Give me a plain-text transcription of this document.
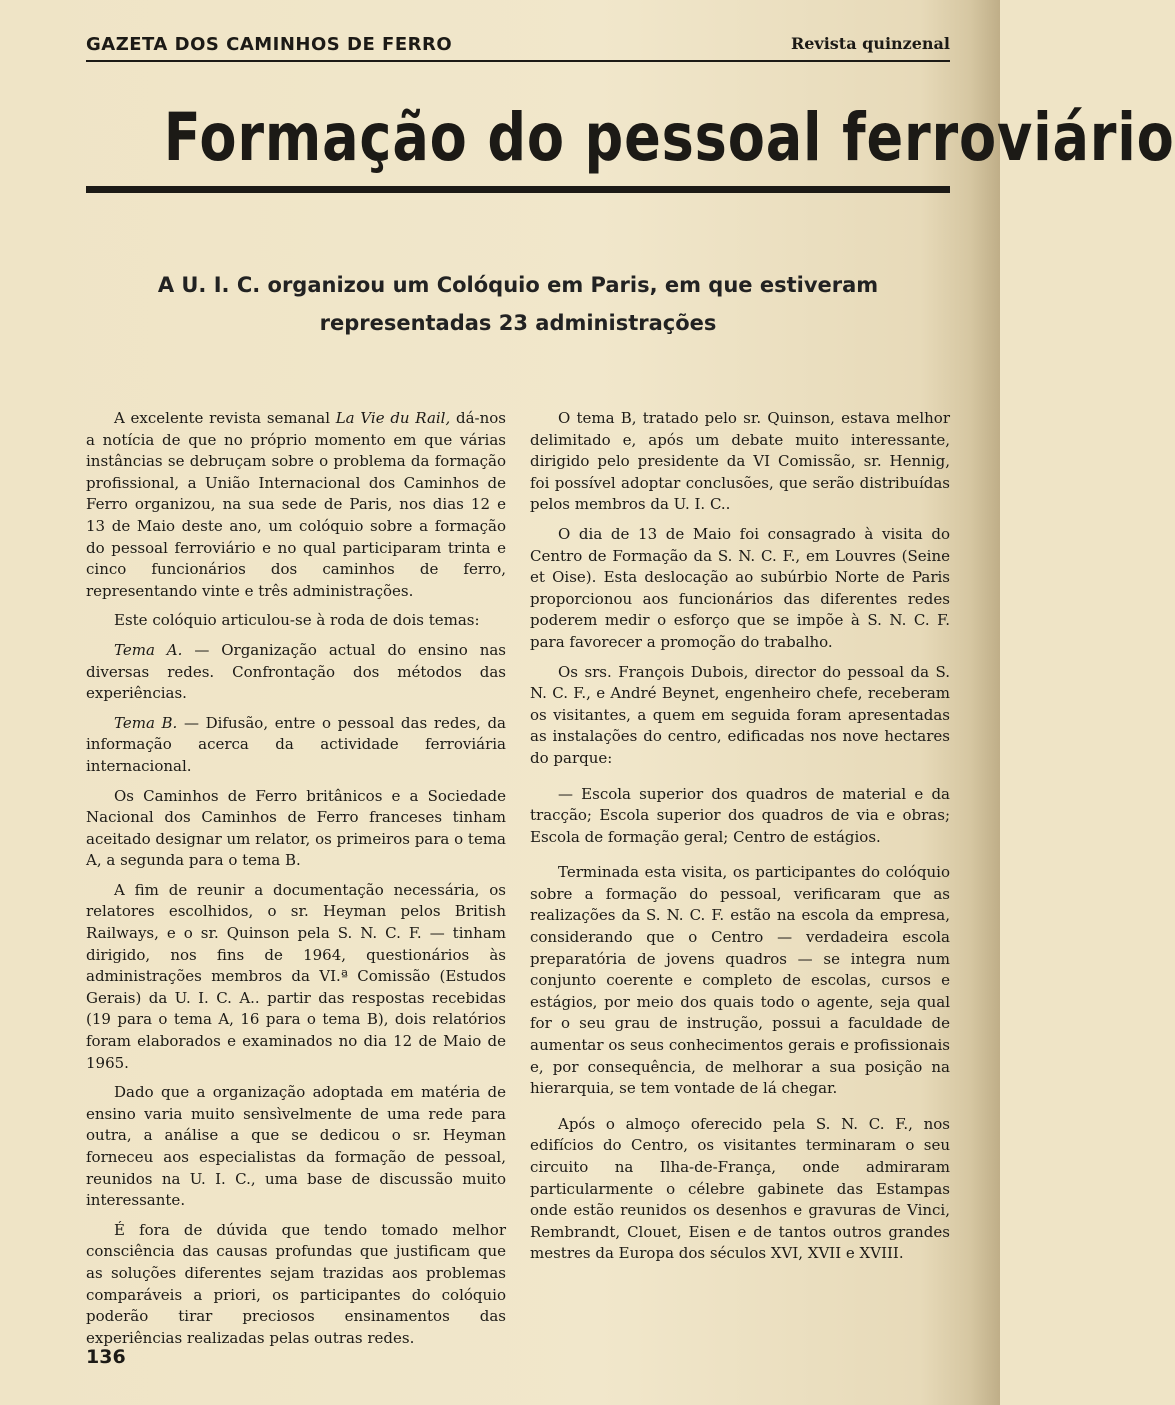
GAZETA DOS CAMINHOS DE FERRO	Revista quinzenal
Formação do pessoal ferroviário
A U. I. C. organizou um Colóquio em Paris, em que estiveram
representadas 23 administrações

A excelente revista semanal La Vie du Rail, dá-nos a notícia de que no próprio momento em que várias instâncias se debruçam sobre o problema da formação profissional, a União Internacional dos Caminhos de Ferro organizou, na sua sede de Paris, nos dias 12 e 13 de Maio deste ano, um colóquio sobre a formação do pessoal ferroviário e no qual participaram trinta e cinco funcionários dos caminhos de ferro, representando vinte e três administrações.

Este colóquio articulou-se à roda de dois temas:

Tema A. — Organização actual do ensino nas diversas redes. Confrontação dos métodos das experiências.

Tema B. — Difusão, entre o pessoal das redes, da informação acerca da actividade ferroviária internacional.

Os Caminhos de Ferro britânicos e a Sociedade Nacional dos Caminhos de Ferro franceses tinham aceitado designar um relator, os primeiros para o tema A, a segunda para o tema B.

A fim de reunir a documentação necessária, os relatores escolhidos, o sr. Heyman pelos British Railways, e o sr. Quinson pela S. N. C. F. — tinham dirigido, nos fins de 1964, questionários às administrações membros da VI.ª Comissão (Estudos Gerais) da U. I. C. A.. partir das respostas recebidas (19 para o tema A, 16 para o tema B), dois relatórios foram elaborados e examinados no dia 12 de Maio de 1965.

Dado que a organização adoptada em matéria de ensino varia muito sensìvelmente de uma rede para outra, a análise a que se dedicou o sr. Heyman forneceu aos especialistas da formação de pessoal, reunidos na U. I. C., uma base de discussão muito interessante.

É fora de dúvida que tendo tomado melhor consciência das causas profundas que justificam que as soluções diferentes sejam trazidas aos problemas comparáveis a priori, os participantes do colóquio poderão tirar preciosos ensinamentos das experiências realizadas pelas outras redes.

O tema B, tratado pelo sr. Quinson, estava melhor delimitado e, após um debate muito interessante, dirigido pelo presidente da VI Comissão, sr. Hennig, foi possível adoptar conclusões, que serão distribuídas pelos membros da U. I. C..

O dia de 13 de Maio foi consagrado à visita do Centro de Formação da S. N. C. F., em Louvres (Seine et Oise). Esta deslocação ao subúrbio Norte de Paris proporcionou aos funcionários das diferentes redes poderem medir o esforço que se impõe à S. N. C. F. para favorecer a promoção do trabalho.

Os srs. François Dubois, director do pessoal da S. N. C. F., e André Beynet, engenheiro chefe, receberam os visitantes, a quem em seguida foram apresentadas as instalações do centro, edificadas nos nove hectares do parque:

— Escola superior dos quadros de material e da tracção; Escola superior dos quadros de via e obras; Escola de formação geral; Centro de estágios.

Terminada esta visita, os participantes do colóquio sobre a formação do pessoal, verificaram que as realizações da S. N. C. F. estão na escola da empresa, considerando que o Centro — verdadeira escola preparatória de jovens quadros — se integra num conjunto coerente e completo de escolas, cursos e estágios, por meio dos quais todo o agente, seja qual for o seu grau de instrução, possui a faculdade de aumentar os seus conhecimentos gerais e profissionais e, por consequência, de melhorar a sua posição na hierarquia, se tem vontade de lá chegar.

Após o almoço oferecido pela S. N. C. F., nos edifícios do Centro, os visitantes terminaram o seu circuito na Ilha-de-França, onde admiraram particularmente o célebre gabinete das Estampas onde estão reunidos os desenhos e gravuras de Vinci, Rembrandt, Clouet, Eisen e de tantos outros grandes mestres da Europa dos séculos XVI, XVII e XVIII.

136
